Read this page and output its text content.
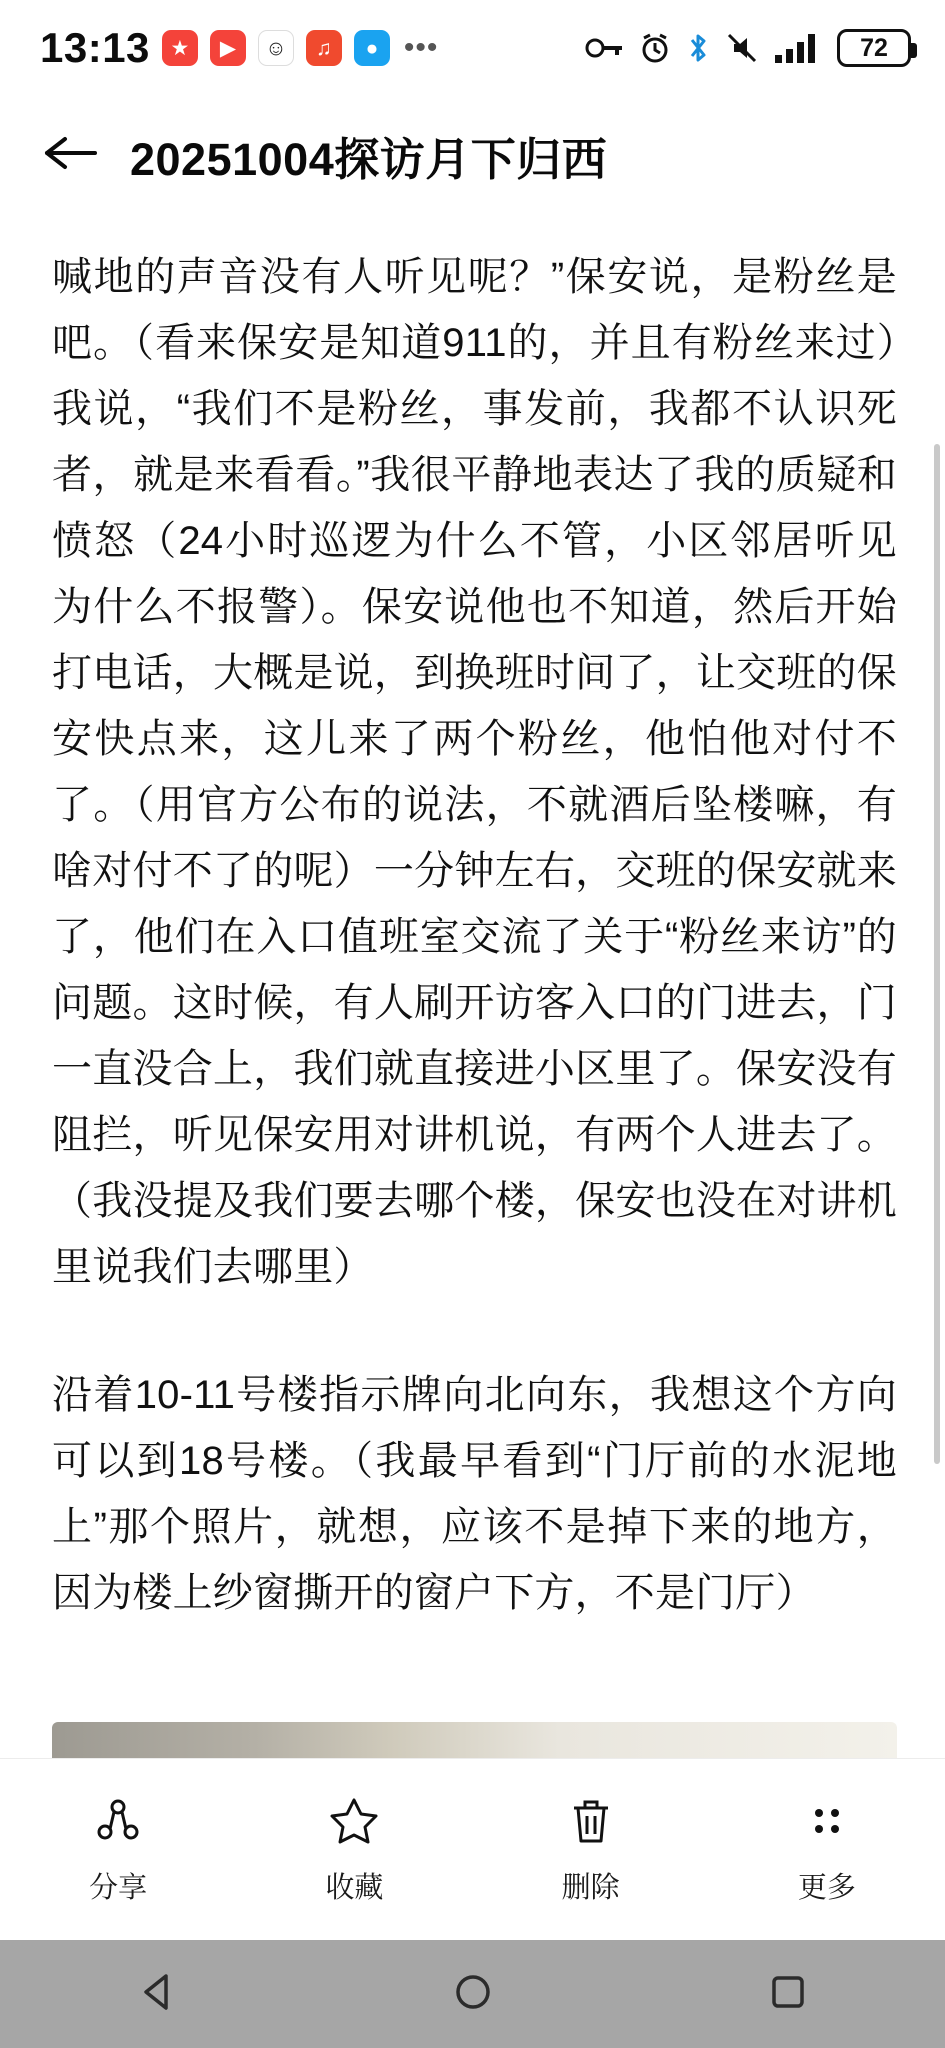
13:13 ★	▶	☺	♫	● •••	72
20251004探访月下归西

喊地的声音没有人听见呢？”保安说，是粉丝是吧。（看来保安是知道911的，并且有粉丝来过）我说，“我们不是粉丝，事发前，我都不认识死者，就是来看看。”我很平静地表达了我的质疑和愤怒（24小时巡逻为什么不管，小区邻居听见为什么不报警）。保安说他也不知道，然后开始打电话，大概是说，到换班时间了，让交班的保安快点来，这儿来了两个粉丝，他怕他对付不了。（用官方公布的说法，不就酒后坠楼嘛，有啥对付不了的呢）一分钟左右，交班的保安就来了，他们在入口值班室交流了关于“粉丝来访”的问题。这时候，有人刷开访客入口的门进去，门一直没合上，我们就直接进小区里了。保安没有阻拦，听见保安用对讲机说，有两个人进去了。（我没提及我们要去哪个楼，保安也没在对讲机里说我们去哪里）

沿着10-11号楼指示牌向北向东，我想这个方向可以到18号楼。（我最早看到“门厅前的水泥地上”那个照片，就想，应该不是掉下来的地方，因为楼上纱窗撕开的窗户下方，不是门厅）

分享	收藏	删除	更多
